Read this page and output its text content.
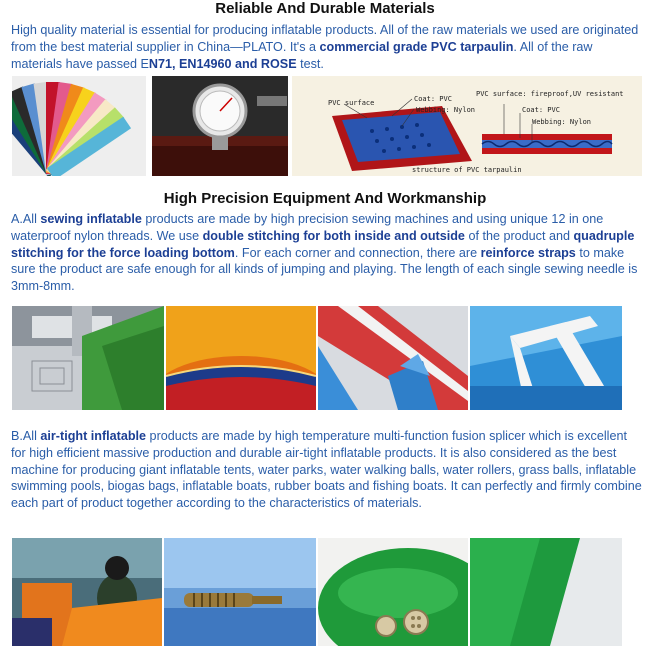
Reliable And Durable Materials
High quality material is essential for producing inflatable products. All of the raw materials we used are originated from the best material supplier in China—PLATO. It's a commercial grade PVC tarpaulin. All of the raw materials have passed EN71, EN14960 and ROSE test.
PVC surface	Coat: PVC
Webbing: Nylon
PVC surface: fireproof,UV resistant
Coat: PVC
Webbing: Nylon
structure of PVC tarpaulin
High Precision Equipment And Workmanship
A.All sewing inflatable products are made by high precision sewing machines and using unique 12 in one waterproof nylon threads. We use double stitching for both inside and outside of the product and quadruple stitching for the force loading bottom. For each corner and connection, there are reinforce straps to make sure the product are safe enough for all kinds of jumping and playing. The length of each single sewing needle is 3mm-8mm.
B.All air-tight inflatable products are made by high temperature multi-function fusion splicer which is excellent for high efficient massive production and durable air-tight inflatable products. It is also considered as the best machine for producing giant inflatable tents, water parks, water walking balls, water rollers, grass balls, inflatable swimming pools, biogas bags, inflatable boats, rubber boats and fishing boats. It can perfectly and firmly combine each part of product together according to the characteristics of materials.
